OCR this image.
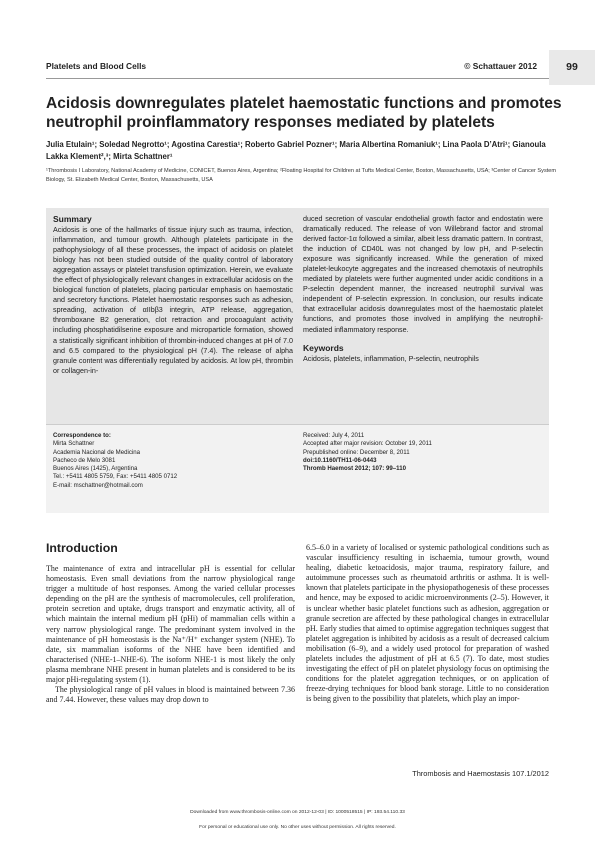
Platelets and Blood Cells	© Schattauer 2012	99
Acidosis downregulates platelet haemostatic functions and promotes neutrophil proinflammatory responses mediated by platelets
Julia Etulain¹; Soledad Negrotto¹; Agostina Carestia¹; Roberto Gabriel Pozner¹; Maria Albertina Romaniuk¹; Lina Paola D’Atri¹; Gianoula Lakka Klement²,³; Mirta Schattner¹
¹Thrombosis I Laboratory, National Academy of Medicine, CONICET, Buenos Aires, Argentina; ²Floating Hospital for Children at Tufts Medical Center, Boston, Massachusetts, USA; ³Center of Cancer System Biology, St. Elizabeth Medical Center, Boston, Massachusetts, USA
Summary

Acidosis is one of the hallmarks of tissue injury such as trauma, infection, inflammation, and tumour growth. Although platelets participate in the pathophysiology of all these processes, the impact of acidosis on platelet biology has not been studied outside of the quality control of laboratory aggregation assays or platelet transfusion optimization. Herein, we evaluate the effect of physiologically relevant changes in extracellular acidosis on the biological function of platelets, placing particular emphasis on haemostatic and secretory functions. Platelet haemostatic responses such as adhesion, spreading, activation of αIIbβ3 integrin, ATP release, aggregation, thromboxane B2 generation, clot retraction and procoagulant activity including phosphatidilserine exposure and microparticle formation, showed a statistically significant inhibition of thrombin-induced changes at pH of 7.0 and 6.5 compared to the physiological pH (7.4). The release of alpha granule content was differentially regulated by acidosis. At low pH, thrombin or collagen-in-

duced secretion of vascular endothelial growth factor and endostatin were dramatically reduced. The release of von Willebrand factor and stromal derived factor-1α followed a similar, albeit less dramatic pattern. In contrast, the induction of CD40L was not changed by low pH, and P-selectin exposure was significantly increased. While the generation of mixed platelet-leukocyte aggregates and the increased chemotaxis of neutrophils mediated by platelets were further augmented under acidic conditions in a P-selectin dependent manner, the increased neutrophil survival was independent of P-selectin expression. In conclusion, our results indicate that extracellular acidosis downregulates most of the haemostatic platelet functions, and promotes those involved in amplifying the neutrophil-mediated inflammatory response.

Keywords

Acidosis, platelets, inflammation, P-selectin, neutrophils

Correspondence to:
Mirta Schattner
Academia Nacional de Medicina
Pacheco de Melo 3081
Buenos Aires (1425), Argentina
Tel.: +5411 4805 5759, Fax: +5411 4805 0712
E-mail: mschattner@hotmail.com
Received: July 4, 2011
Accepted after major revision: October 19, 2011
Prepublished online: December 8, 2011
doi:10.1160/TH11-06-0443
Thromb Haemost 2012; 107: 99–110
Introduction

The maintenance of extra and intracellular pH is essential for cellular homeostasis. Even small deviations from the narrow physiological range trigger a multitude of host responses. Among the varied cellular processes depending on the pH are the synthesis of macromolecules, cell proliferation, protein secretion and uptake, drugs transport and enzymatic activity, all of which maintain the internal medium pH (pHi) of mammalian cells within a very narrow physiological range. The predominant system involved in the maintenance of pH homeostasis is the Na⁺/H⁺ exchanger system (NHE). To date, six mammalian isoforms of the NHE have been identified and characterised (NHE-1–NHE-6). The isoform NHE-1 is most likely the only plasma membrane NHE present in human platelets and is considered to be its major pHi-regulating system (1).

The physiological range of pH values in blood is maintained between 7.36 and 7.44. However, these values may drop down to

6.5–6.0 in a variety of localised or systemic pathological conditions such as vascular insufficiency resulting in ischaemia, tumour growth, wound healing, diabetic ketoacidosis, major trauma, respiratory failure, and autoimmune processes such as rheumatoid arthritis or asthma. It is well-known that platelets participate in the physiopathogenesis of these processes and hence, may be exposed to acidic microenvironments (2–5). However, it is unclear whether basic platelet functions such as adhesion, aggregation or granule secretion are affected by these pathological changes in extracellular pH. Early studies that aimed to optimise aggregation techniques suggest that platelet aggregation is inhibited by acidosis as a result of decreased calcium mobilisation (6–9), and a widely used protocol for preparation of washed platelets includes the adjustment of pH at 6.5 (7). To date, most studies investigating the effect of pH on platelet physiology focus on optimising the conditions for the platelet aggregation techniques, or on application of freeze-drying techniques for blood bank storage. Little to no consideration is being given to the possibility that platelets, which play an impor-

Thrombosis and Haemostasis 107.1/2012
Downloaded from www.thrombosis-online.com on 2012-12-03 | ID: 1000518515 | IP: 193.54.110.33
For personal or educational use only. No other uses without permission. All rights reserved.
